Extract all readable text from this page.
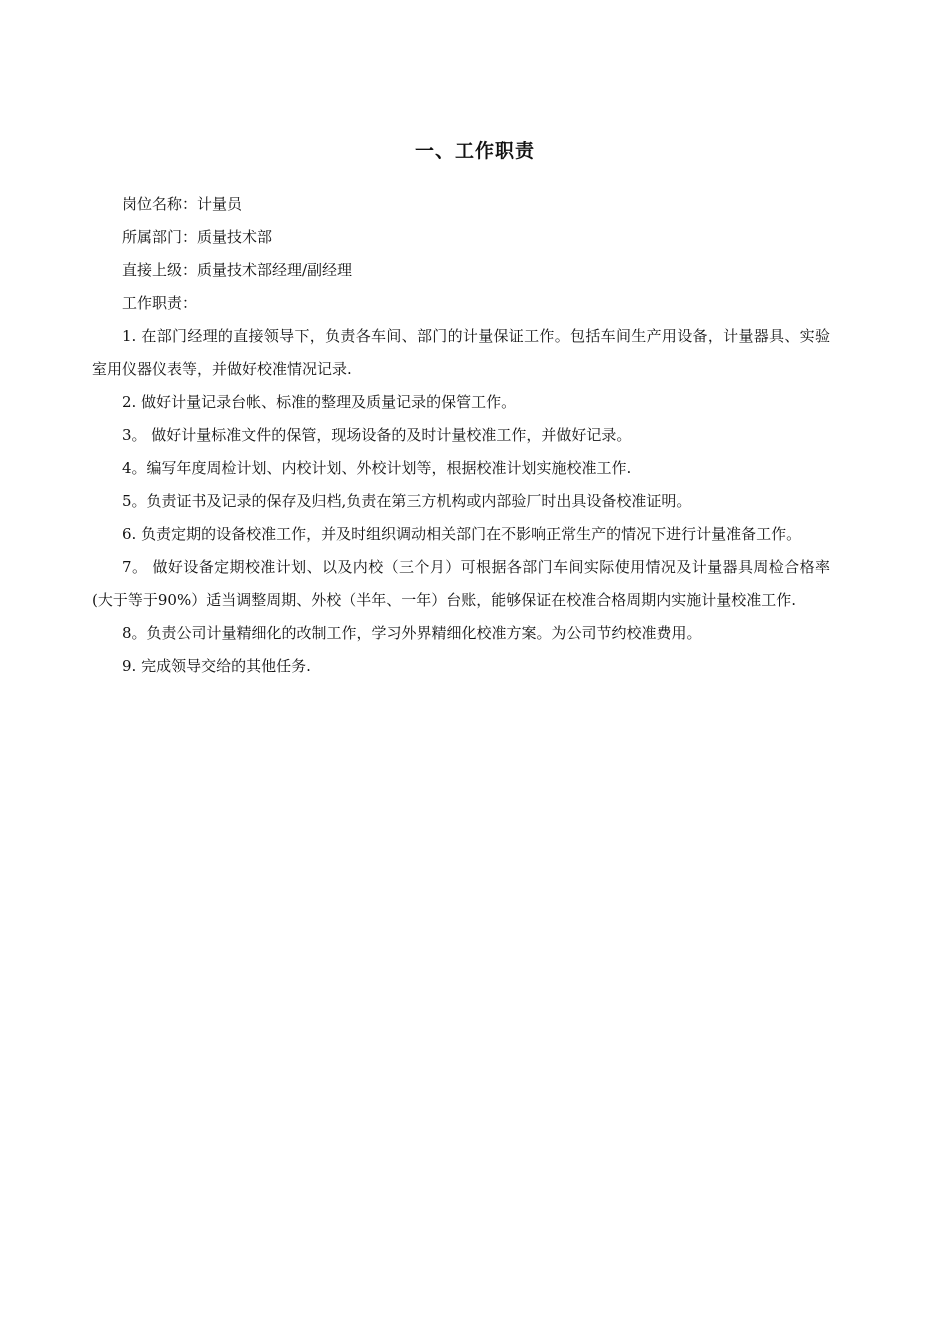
一、工作职责

岗位名称：计量员

所属部门：质量技术部

直接上级：质量技术部经理/副经理

工作职责：

1. 在部门经理的直接领导下，负责各车间、部门的计量保证工作。包括车间生产用设备，计量器具、实验室用仪器仪表等，并做好校准情况记录.

2. 做好计量记录台帐、标准的整理及质量记录的保管工作。

3。 做好计量标准文件的保管，现场设备的及时计量校准工作，并做好记录。

4。编写年度周检计划、内校计划、外校计划等，根据校准计划实施校准工作.

5。负责证书及记录的保存及归档,负责在第三方机构或内部验厂时出具设备校准证明。

6. 负责定期的设备校准工作，并及时组织调动相关部门在不影响正常生产的情况下进行计量准备工作。

7。 做好设备定期校准计划、以及内校（三个月）可根据各部门车间实际使用情况及计量器具周检合格率(大于等于90%）适当调整周期、外校（半年、一年）台账，能够保证在校准合格周期内实施计量校准工作.

8。负责公司计量精细化的改制工作，学习外界精细化校准方案。为公司节约校准费用。

9. 完成领导交给的其他任务.
